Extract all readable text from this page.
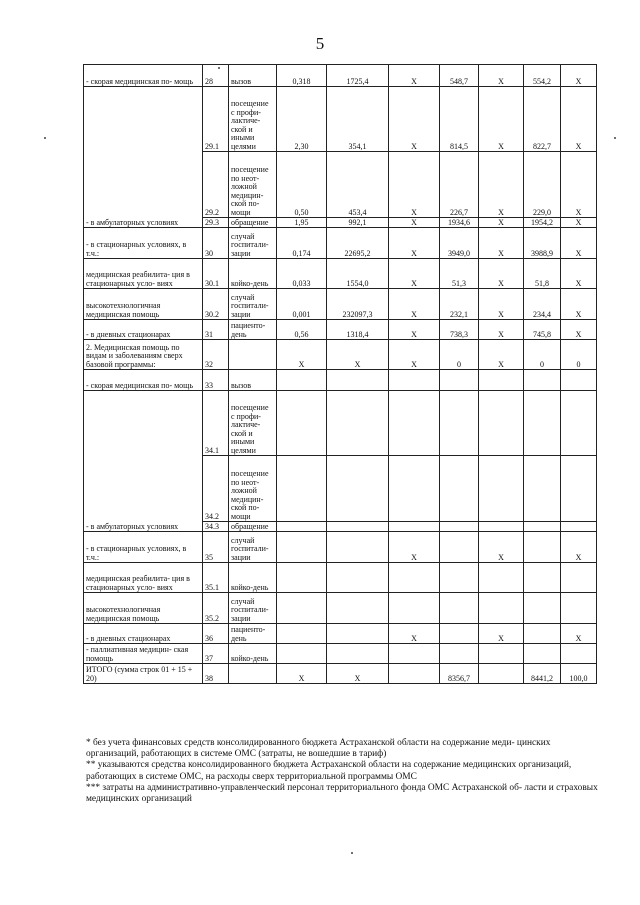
5
- скорая медицинская по- мощь	28	вызов	0,318	1725,4	X	548,7	X	554,2	X
- в амбулаторных условиях	29.1	посещение с профи- лактиче- ской и иными целями	2,30	354,1	X	814,5	X	822,7	X
	29.2	посещение по неот- ложной медицин- ской по- мощи	0,50	453,4	X	226,7	X	229,0	X
	29.3	обращение	1,95	992,1	X	1934,6	X	1954,2	X
- в стационарных условиях, в т.ч.:	30	случай госпитали- зации	0,174	22695,2	X	3949,0	X	3988,9	X
медицинская реабилита- ция в стационарных усло- виях	30.1	койко-день	0,033	1554,0	X	51,3	X	51,8	X
высокотехнологичная медицинская помощь	30.2	случай госпитали- зации	0,001	232097,3	X	232,1	X	234,4	X
- в дневных стационарах	31	пациенто- день	0,56	1318,4	X	738,3	X	745,8	X
2. Медицинская помощь по видам и заболеваниям сверх базовой программы:	32		X	X	X	0	X	0	0
- скорая медицинская по- мощь	33	вызов							
- в амбулаторных условиях	34.1	посещение с профи- лактиче- ской и иными целями							
	34.2	посещение по неот- ложной медицин- ской по- мощи							
	34.3	обращение							
- в стационарных условиях, в т.ч.:	35	случай госпитали- зации			X		X		X
медицинская реабилита- ция в стационарных усло- виях	35.1	койко-день							
высокотехнологичная медицинская помощь	35.2	случай госпитали- зации							
- в дневных стационарах	36	пациенто- день			X		X		X
- паллиативная медицин- ская помощь	37	койко-день							
ИТОГО (сумма строк 01 + 15 + 20)	38		X	X		8356,7		8441,2	100,0

* без учета финансовых средств консолидированного бюджета Астраханской области на содержание меди- цинских организаций, работающих в системе ОМС (затраты, не вошедшие в тариф)

** указываются средства консолидированного бюджета Астраханской области на содержание медицинских организаций, работающих в системе ОМС, на расходы сверх территориальной программы ОМС

*** затраты на административно-управленческий персонал территориального фонда ОМС Астраханской об- ласти и страховых медицинских организаций
